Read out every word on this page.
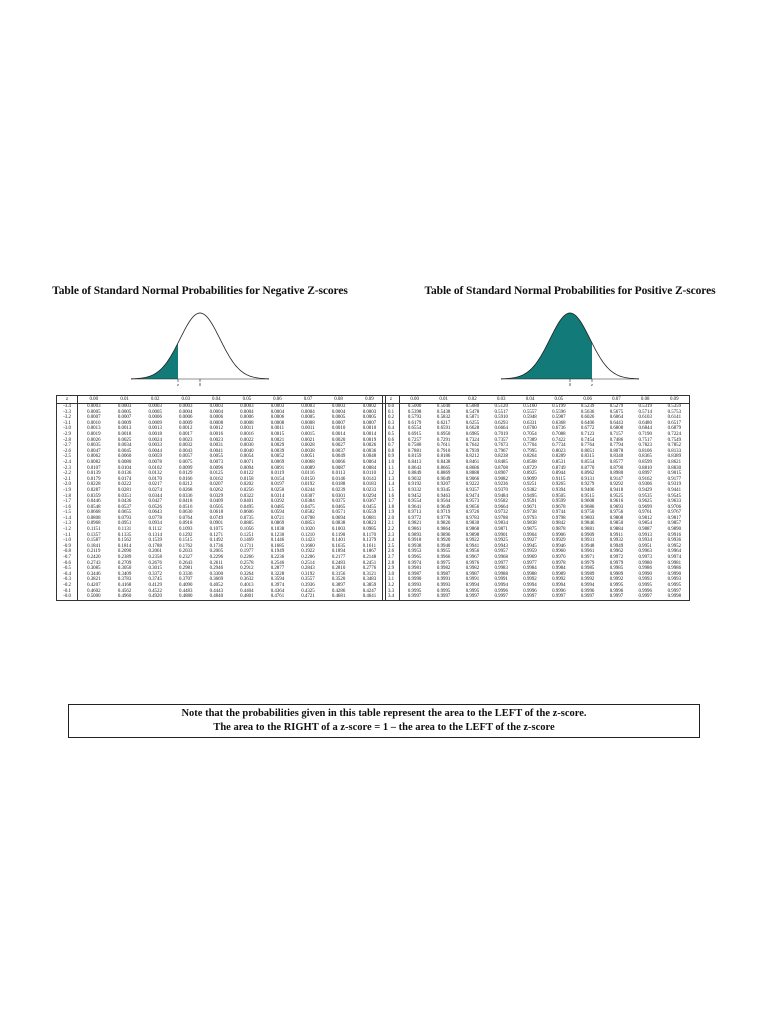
Table of Standard Normal Probabilities for Negative Z-scores
z	0
z	0.00	0.01	0.02	0.03	0.04	0.05	0.06	0.07	0.08	0.09
-3.4	0.0003	0.0003	0.0003	0.0003	0.0003	0.0003	0.0003	0.0003	0.0003	0.0002
-3.3	0.0005	0.0005	0.0005	0.0004	0.0004	0.0004	0.0004	0.0004	0.0004	0.0003
-3.2	0.0007	0.0007	0.0006	0.0006	0.0006	0.0006	0.0006	0.0005	0.0005	0.0005
-3.1	0.0010	0.0009	0.0009	0.0009	0.0008	0.0008	0.0008	0.0008	0.0007	0.0007
-3.0	0.0013	0.0013	0.0013	0.0012	0.0012	0.0011	0.0011	0.0011	0.0010	0.0010
-2.9	0.0019	0.0018	0.0018	0.0017	0.0016	0.0016	0.0015	0.0015	0.0014	0.0014
-2.8	0.0026	0.0025	0.0024	0.0023	0.0023	0.0022	0.0021	0.0021	0.0020	0.0019
-2.7	0.0035	0.0034	0.0033	0.0032	0.0031	0.0030	0.0029	0.0028	0.0027	0.0026
-2.6	0.0047	0.0045	0.0044	0.0043	0.0041	0.0040	0.0039	0.0038	0.0037	0.0036
-2.5	0.0062	0.0060	0.0059	0.0057	0.0055	0.0054	0.0052	0.0051	0.0049	0.0048
-2.4	0.0082	0.0080	0.0078	0.0075	0.0073	0.0071	0.0069	0.0068	0.0066	0.0064
-2.3	0.0107	0.0104	0.0102	0.0099	0.0096	0.0094	0.0091	0.0089	0.0087	0.0084
-2.2	0.0139	0.0136	0.0132	0.0129	0.0125	0.0122	0.0119	0.0116	0.0113	0.0110
-2.1	0.0179	0.0174	0.0170	0.0166	0.0162	0.0158	0.0154	0.0150	0.0146	0.0143
-2.0	0.0228	0.0222	0.0217	0.0212	0.0207	0.0202	0.0197	0.0192	0.0188	0.0183
-1.9	0.0287	0.0281	0.0274	0.0268	0.0262	0.0256	0.0250	0.0244	0.0239	0.0233
-1.8	0.0359	0.0351	0.0344	0.0336	0.0329	0.0322	0.0314	0.0307	0.0301	0.0294
-1.7	0.0446	0.0436	0.0427	0.0418	0.0409	0.0401	0.0392	0.0384	0.0375	0.0367
-1.6	0.0548	0.0537	0.0526	0.0516	0.0505	0.0495	0.0485	0.0475	0.0465	0.0455
-1.5	0.0668	0.0655	0.0643	0.0630	0.0618	0.0606	0.0594	0.0582	0.0571	0.0559
-1.4	0.0808	0.0793	0.0778	0.0764	0.0749	0.0735	0.0721	0.0708	0.0694	0.0681
-1.3	0.0968	0.0951	0.0934	0.0918	0.0901	0.0885	0.0869	0.0853	0.0838	0.0823
-1.2	0.1151	0.1131	0.1112	0.1093	0.1075	0.1056	0.1038	0.1020	0.1003	0.0985
-1.1	0.1357	0.1335	0.1314	0.1292	0.1271	0.1251	0.1230	0.1210	0.1190	0.1170
-1.0	0.1587	0.1562	0.1539	0.1515	0.1492	0.1469	0.1446	0.1423	0.1401	0.1379
-0.9	0.1841	0.1814	0.1788	0.1762	0.1736	0.1711	0.1685	0.1660	0.1635	0.1611
-0.8	0.2119	0.2090	0.2061	0.2033	0.2005	0.1977	0.1949	0.1922	0.1894	0.1867
-0.7	0.2420	0.2389	0.2358	0.2327	0.2296	0.2266	0.2236	0.2206	0.2177	0.2148
-0.6	0.2743	0.2709	0.2676	0.2643	0.2611	0.2578	0.2546	0.2514	0.2483	0.2451
-0.5	0.3085	0.3050	0.3015	0.2981	0.2946	0.2912	0.2877	0.2843	0.2810	0.2776
-0.4	0.3446	0.3409	0.3372	0.3336	0.3300	0.3264	0.3228	0.3192	0.3156	0.3121
-0.3	0.3821	0.3783	0.3745	0.3707	0.3669	0.3632	0.3594	0.3557	0.3520	0.3483
-0.2	0.4207	0.4168	0.4129	0.4090	0.4052	0.4013	0.3974	0.3936	0.3897	0.3859
-0.1	0.4602	0.4562	0.4522	0.4483	0.4443	0.4404	0.4364	0.4325	0.4286	0.4247
-0.0	0.5000	0.4960	0.4920	0.4880	0.4840	0.4801	0.4761	0.4721	0.4681	0.4641
Table of Standard Normal Probabilities for Positive Z-scores
0	z
z	0.00	0.01	0.02	0.03	0.04	0.05	0.06	0.07	0.08	0.09
0.0	0.5000	0.5040	0.5080	0.5120	0.5160	0.5199	0.5239	0.5279	0.5319	0.5359
0.1	0.5398	0.5438	0.5478	0.5517	0.5557	0.5596	0.5636	0.5675	0.5714	0.5753
0.2	0.5793	0.5832	0.5871	0.5910	0.5948	0.5987	0.6026	0.6064	0.6103	0.6141
0.3	0.6179	0.6217	0.6255	0.6293	0.6331	0.6368	0.6406	0.6443	0.6480	0.6517
0.4	0.6554	0.6591	0.6628	0.6664	0.6700	0.6736	0.6772	0.6808	0.6844	0.6879
0.5	0.6915	0.6950	0.6985	0.7019	0.7054	0.7088	0.7123	0.7157	0.7190	0.7224
0.6	0.7257	0.7291	0.7324	0.7357	0.7389	0.7422	0.7454	0.7486	0.7517	0.7549
0.7	0.7580	0.7611	0.7642	0.7673	0.7704	0.7734	0.7764	0.7794	0.7823	0.7852
0.8	0.7881	0.7910	0.7939	0.7967	0.7995	0.8023	0.8051	0.8078	0.8106	0.8133
0.9	0.8159	0.8186	0.8212	0.8238	0.8264	0.8289	0.8315	0.8340	0.8365	0.8389
1.0	0.8413	0.8438	0.8461	0.8485	0.8508	0.8531	0.8554	0.8577	0.8599	0.8621
1.1	0.8643	0.8665	0.8686	0.8708	0.8729	0.8749	0.8770	0.8790	0.8810	0.8830
1.2	0.8849	0.8869	0.8888	0.8907	0.8925	0.8944	0.8962	0.8980	0.8997	0.9015
1.3	0.9032	0.9049	0.9066	0.9082	0.9099	0.9115	0.9131	0.9147	0.9162	0.9177
1.4	0.9192	0.9207	0.9222	0.9236	0.9251	0.9265	0.9279	0.9292	0.9306	0.9319
1.5	0.9332	0.9345	0.9357	0.9370	0.9382	0.9394	0.9406	0.9418	0.9429	0.9441
1.6	0.9452	0.9463	0.9474	0.9484	0.9495	0.9505	0.9515	0.9525	0.9535	0.9545
1.7	0.9554	0.9564	0.9573	0.9582	0.9591	0.9599	0.9608	0.9616	0.9625	0.9633
1.8	0.9641	0.9649	0.9656	0.9664	0.9671	0.9678	0.9686	0.9693	0.9699	0.9706
1.9	0.9713	0.9719	0.9726	0.9732	0.9738	0.9744	0.9750	0.9756	0.9761	0.9767
2.0	0.9772	0.9778	0.9783	0.9788	0.9793	0.9798	0.9803	0.9808	0.9812	0.9817
2.1	0.9821	0.9826	0.9830	0.9834	0.9838	0.9842	0.9846	0.9850	0.9854	0.9857
2.2	0.9861	0.9864	0.9868	0.9871	0.9875	0.9878	0.9881	0.9884	0.9887	0.9890
2.3	0.9893	0.9896	0.9898	0.9901	0.9904	0.9906	0.9909	0.9911	0.9913	0.9916
2.4	0.9918	0.9920	0.9922	0.9925	0.9927	0.9929	0.9931	0.9932	0.9934	0.9936
2.5	0.9938	0.9940	0.9941	0.9943	0.9945	0.9946	0.9948	0.9949	0.9951	0.9952
2.6	0.9953	0.9955	0.9956	0.9957	0.9959	0.9960	0.9961	0.9962	0.9963	0.9964
2.7	0.9965	0.9966	0.9967	0.9968	0.9969	0.9970	0.9971	0.9972	0.9973	0.9974
2.8	0.9974	0.9975	0.9976	0.9977	0.9977	0.9978	0.9979	0.9979	0.9980	0.9981
2.9	0.9981	0.9982	0.9982	0.9983	0.9984	0.9984	0.9985	0.9985	0.9986	0.9986
3.0	0.9987	0.9987	0.9987	0.9988	0.9988	0.9989	0.9989	0.9989	0.9990	0.9990
3.1	0.9990	0.9991	0.9991	0.9991	0.9992	0.9992	0.9992	0.9992	0.9993	0.9993
3.2	0.9993	0.9993	0.9994	0.9994	0.9994	0.9994	0.9994	0.9995	0.9995	0.9995
3.3	0.9995	0.9995	0.9995	0.9996	0.9996	0.9996	0.9996	0.9996	0.9996	0.9997
3.4	0.9997	0.9997	0.9997	0.9997	0.9997	0.9997	0.9997	0.9997	0.9997	0.9998
Note that the probabilities given in this table represent the area to the LEFT of the z-score.
The area to the RIGHT of a z-score = 1 – the area to the LEFT of the z-score
